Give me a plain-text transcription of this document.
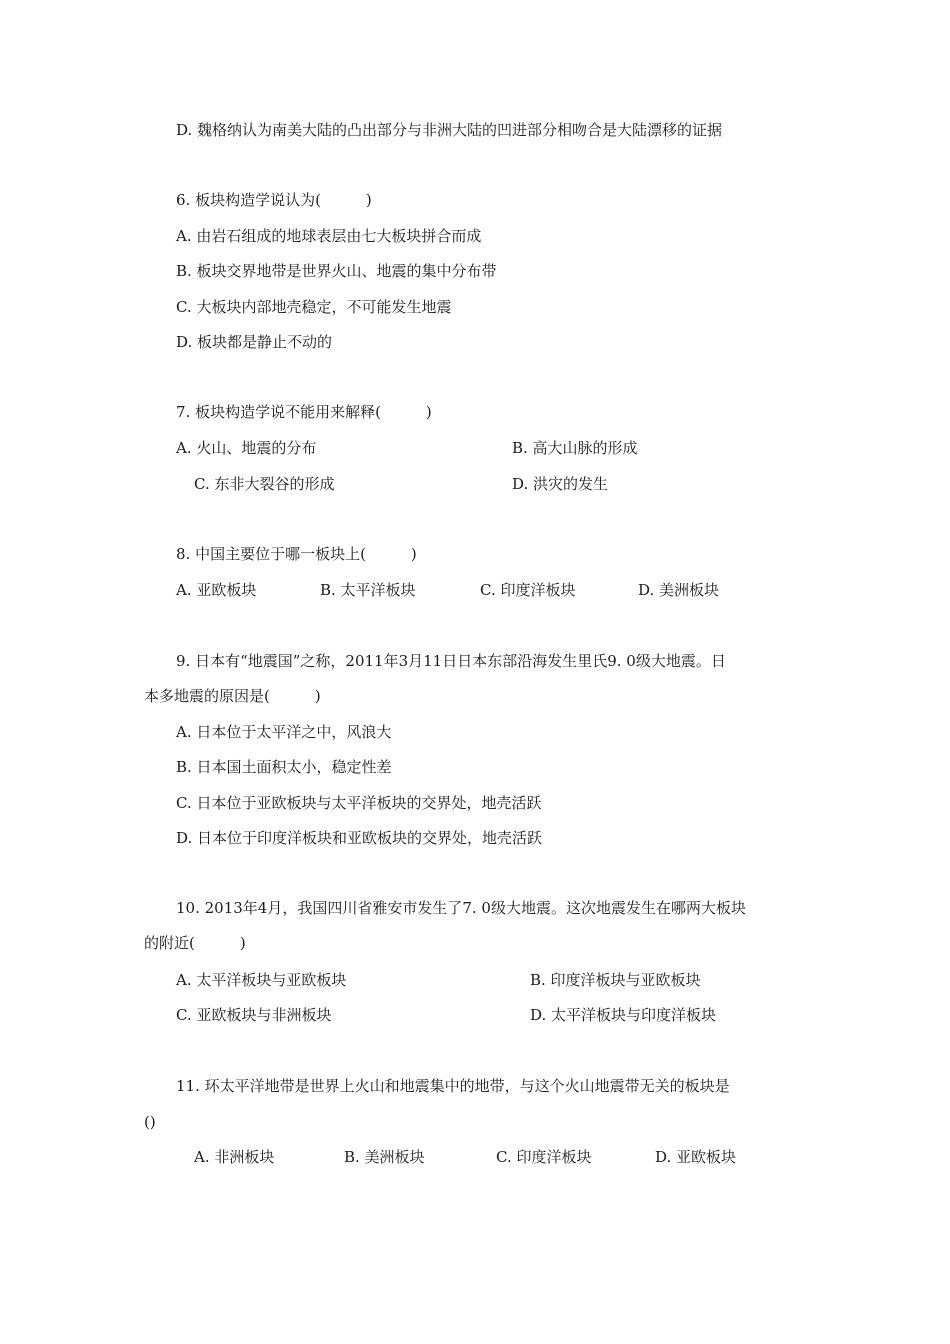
D. 魏格纳认为南美大陆的凸出部分与非洲大陆的凹进部分相吻合是大陆漂移的证据
6. 板块构造学说认为(　　　)
A. 由岩石组成的地球表层由七大板块拼合而成
B. 板块交界地带是世界火山、地震的集中分布带
C. 大板块内部地壳稳定，不可能发生地震
D. 板块都是静止不动的
7. 板块构造学说不能用来解释(　　　)
A. 火山、地震的分布	B. 高大山脉的形成
C. 东非大裂谷的形成	D. 洪灾的发生
8. 中国主要位于哪一板块上(　　　)
A. 亚欧板块	B. 太平洋板块	C. 印度洋板块	D. 美洲板块
9. 日本有“地震国”之称，2011年3月11日日本东部沿海发生里氏9. 0级大地震。日
本多地震的原因是(　　　)
A. 日本位于太平洋之中，风浪大
B. 日本国土面积太小，稳定性差
C. 日本位于亚欧板块与太平洋板块的交界处，地壳活跃
D. 日本位于印度洋板块和亚欧板块的交界处，地壳活跃
10. 2013年4月，我国四川省雅安市发生了7. 0级大地震。这次地震发生在哪两大板块
的附近(　　　)
A. 太平洋板块与亚欧板块	B. 印度洋板块与亚欧板块
C. 亚欧板块与非洲板块	D. 太平洋板块与印度洋板块
11. 环太平洋地带是世界上火山和地震集中的地带，与这个火山地震带无关的板块是
()
A. 非洲板块	B. 美洲板块	C. 印度洋板块	D. 亚欧板块
